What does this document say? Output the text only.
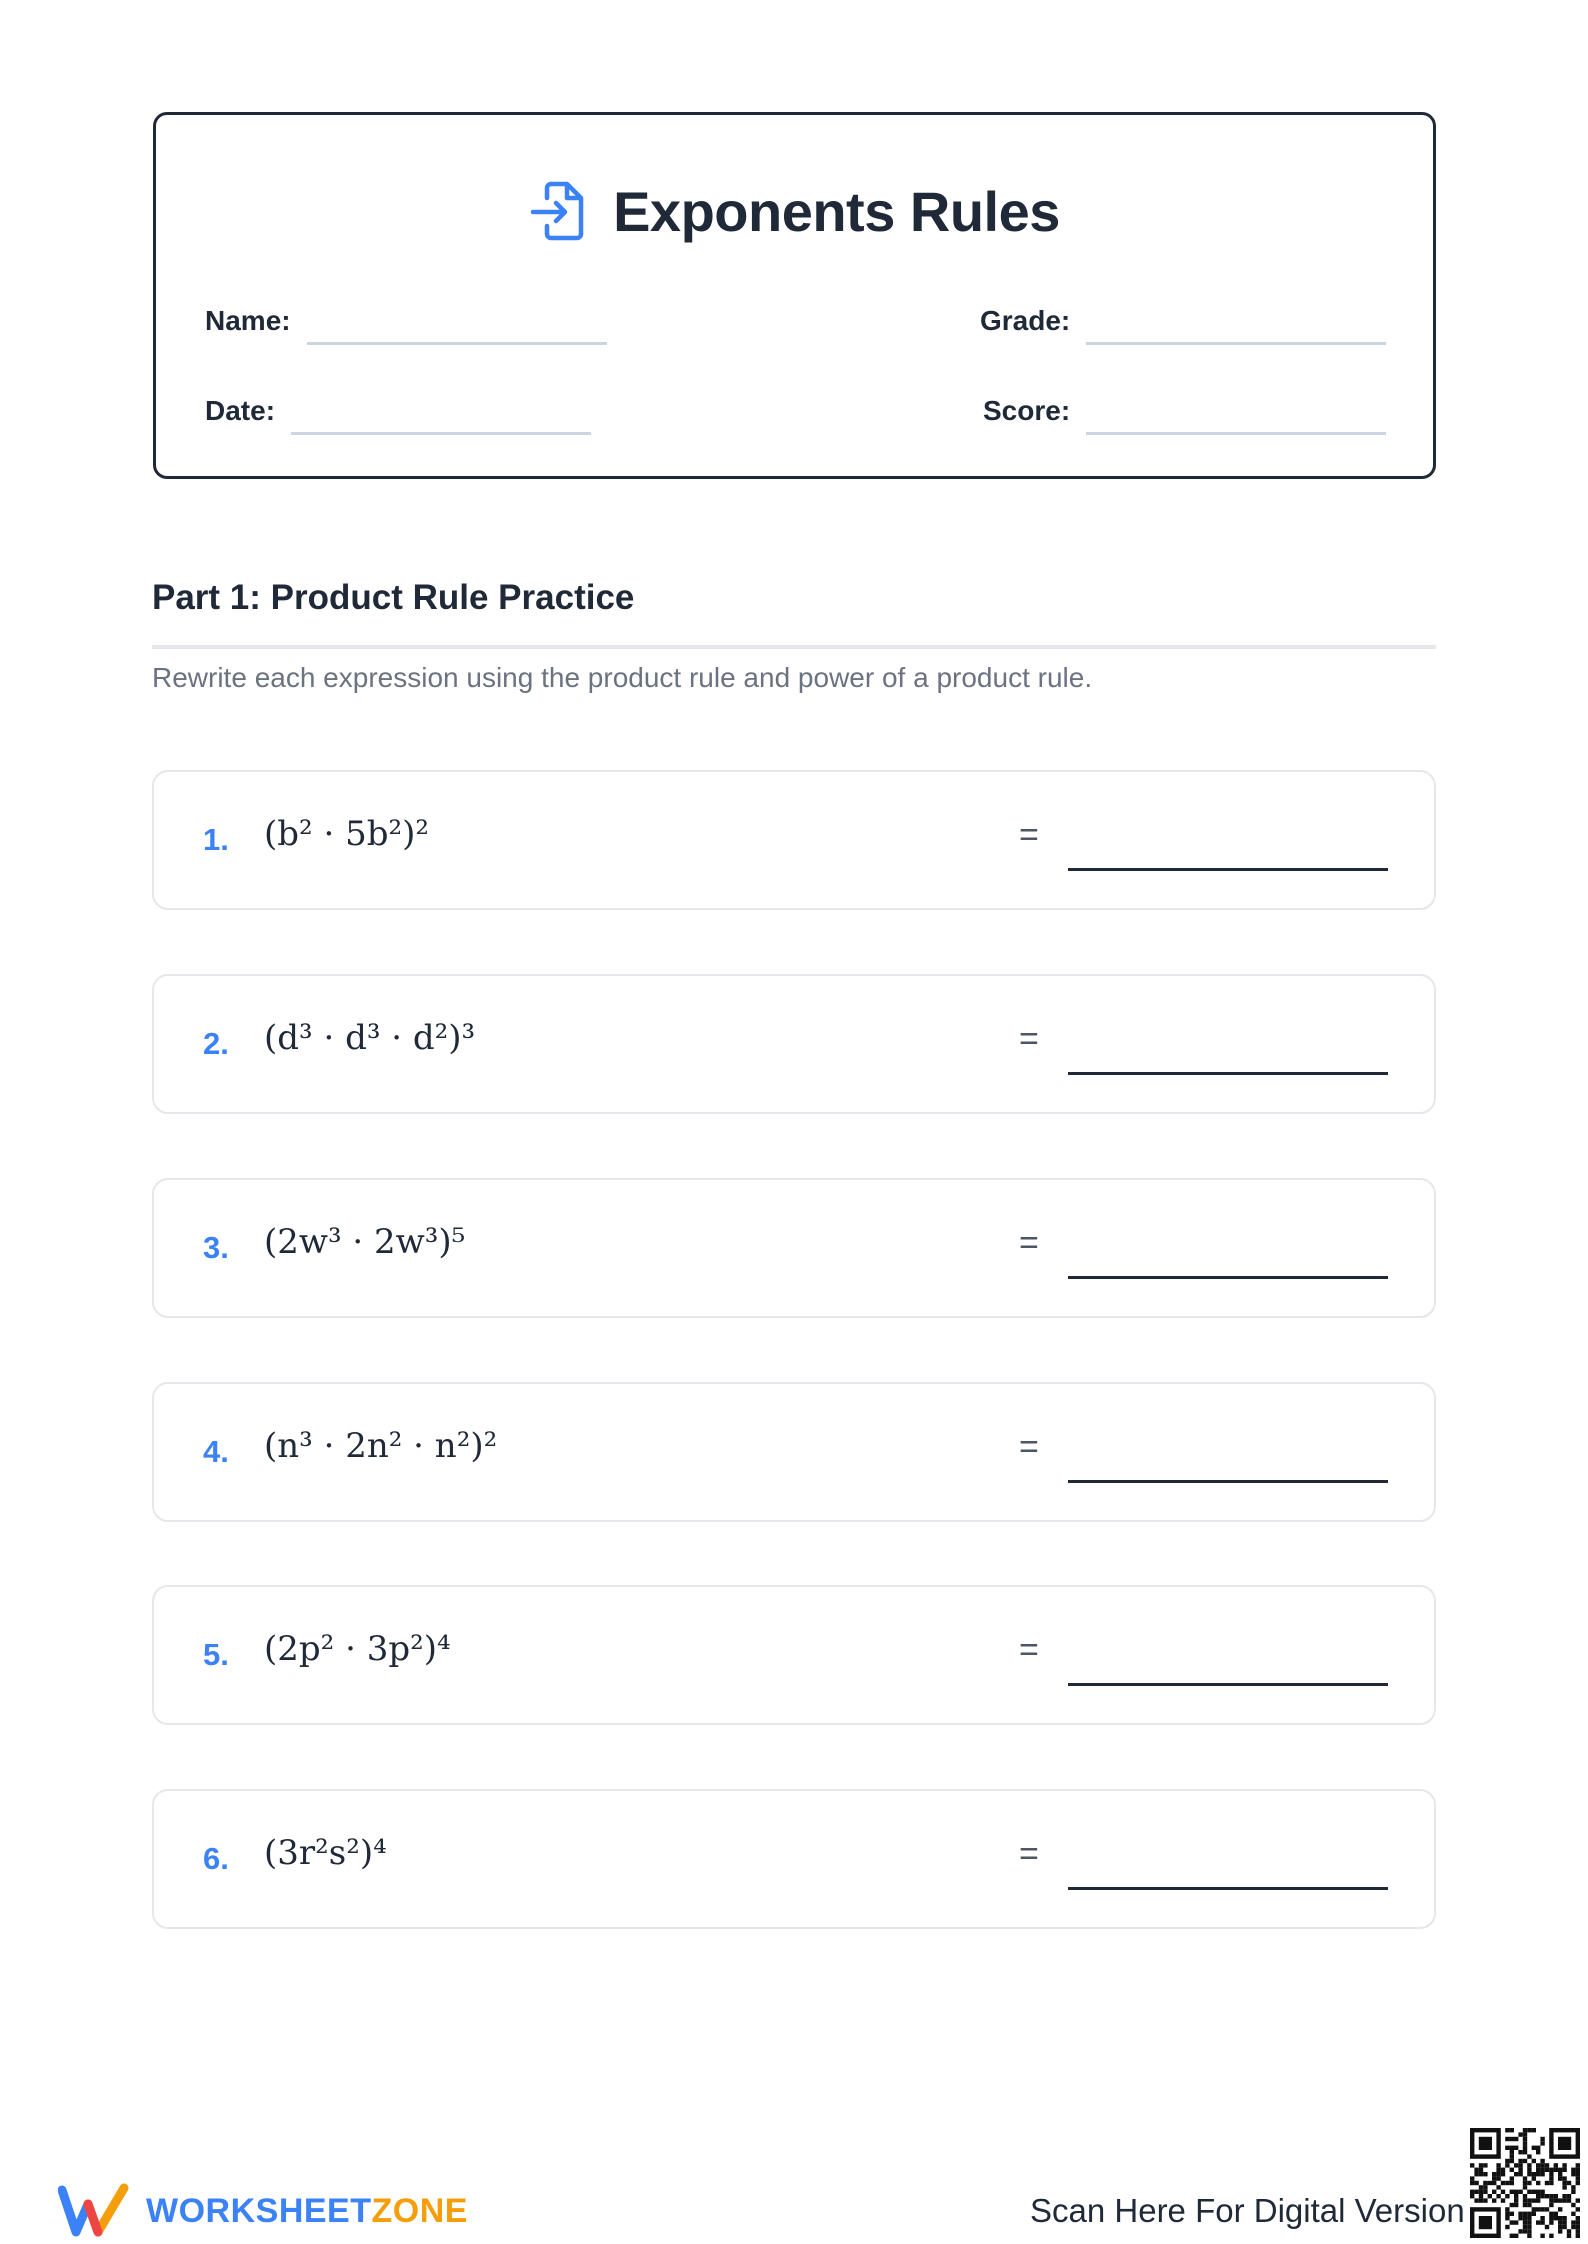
Exponents Rules
Name:	Grade:
Date:	Score:
Part 1: Product Rule Practice
Rewrite each expression using the product rule and power of a product rule.
1. (b² · 5b²)²	=
2. (d³ · d³ · d²)³	=
3. (2w³ · 2w³)⁵	=
4. (n³ · 2n² · n²)²	=
5. (2p² · 3p²)⁴	=
6. (3r²s²)⁴	=
WORKSHEETZONE	Scan Here For Digital Version
